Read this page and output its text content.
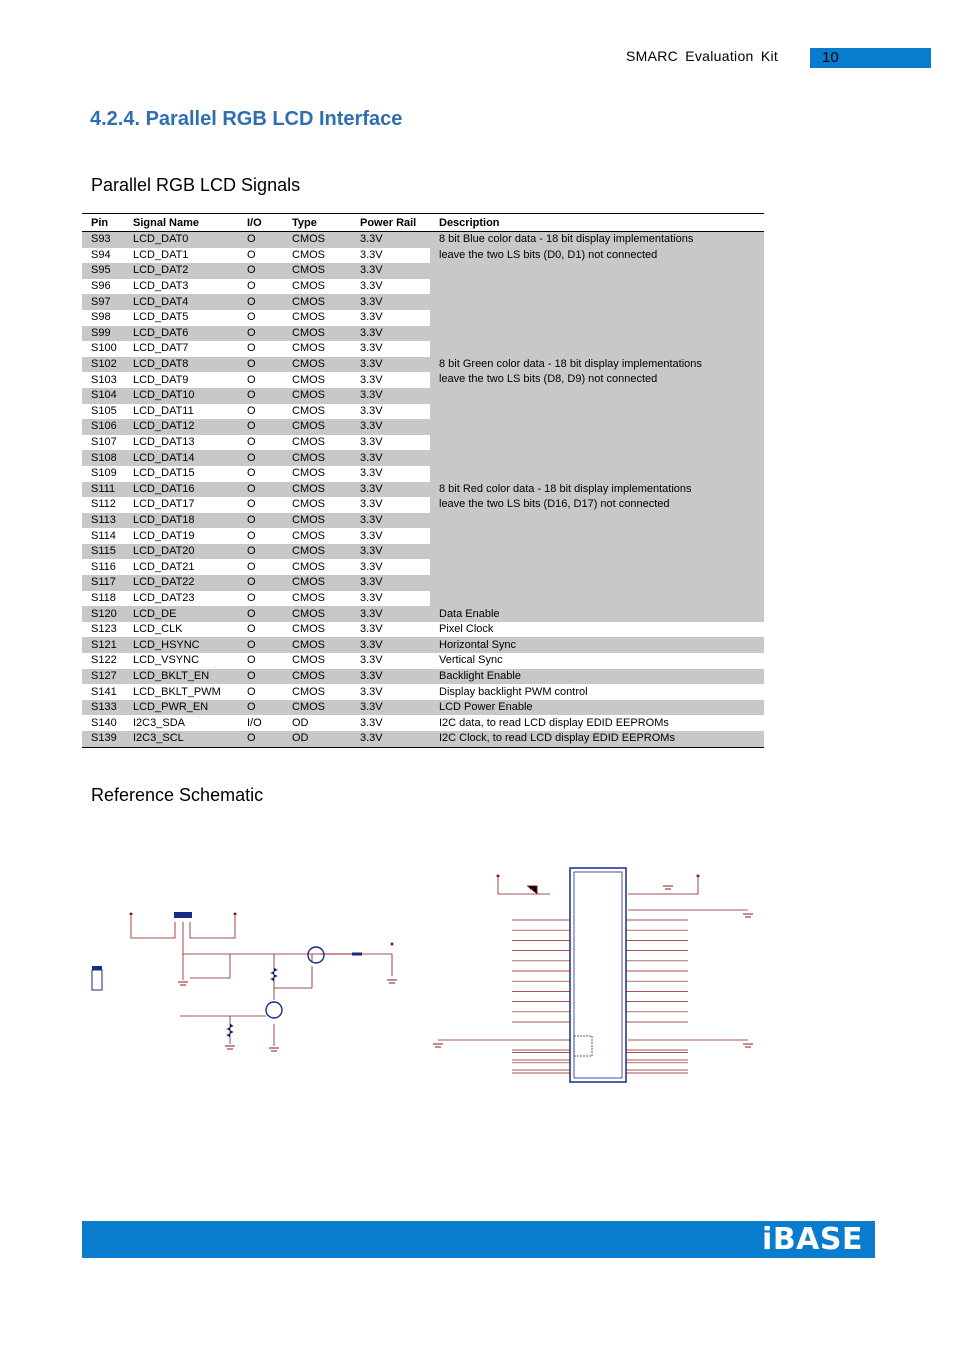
SMARC Evaluation Kit	10
4.2.4. Parallel RGB LCD Interface
Parallel RGB LCD Signals
Pin	Signal Name	I/O	Type	Power Rail	Description
S93	LCD_DAT0	O	CMOS	3.3V	8 bit Blue color data - 18 bit display implementations
leave the two LS bits (D0, D1) not connected

S94	LCD_DAT1	O	CMOS	3.3V	
S95	LCD_DAT2	O	CMOS	3.3V	
S96	LCD_DAT3	O	CMOS	3.3V	
S97	LCD_DAT4	O	CMOS	3.3V	
S98	LCD_DAT5	O	CMOS	3.3V	
S99	LCD_DAT6	O	CMOS	3.3V	
S100	LCD_DAT7	O	CMOS	3.3V	
S102	LCD_DAT8	O	CMOS	3.3V	8 bit Green color data - 18 bit display implementations
leave the two LS bits (D8, D9) not connected

S103	LCD_DAT9	O	CMOS	3.3V	
S104	LCD_DAT10	O	CMOS	3.3V	
S105	LCD_DAT11	O	CMOS	3.3V	
S106	LCD_DAT12	O	CMOS	3.3V	
S107	LCD_DAT13	O	CMOS	3.3V	
S108	LCD_DAT14	O	CMOS	3.3V	
S109	LCD_DAT15	O	CMOS	3.3V	
S111	LCD_DAT16	O	CMOS	3.3V	8 bit Red color data - 18 bit display implementations
leave the two LS bits (D16, D17) not connected

S112	LCD_DAT17	O	CMOS	3.3V	
S113	LCD_DAT18	O	CMOS	3.3V	
S114	LCD_DAT19	O	CMOS	3.3V	
S115	LCD_DAT20	O	CMOS	3.3V	
S116	LCD_DAT21	O	CMOS	3.3V	
S117	LCD_DAT22	O	CMOS	3.3V	
S118	LCD_DAT23	O	CMOS	3.3V	
S120	LCD_DE	O	CMOS	3.3V	Data Enable
S123	LCD_CLK	O	CMOS	3.3V	Pixel Clock
S121	LCD_HSYNC	O	CMOS	3.3V	Horizontal Sync
S122	LCD_VSYNC	O	CMOS	3.3V	Vertical Sync
S127	LCD_BKLT_EN	O	CMOS	3.3V	Backlight Enable
S141	LCD_BKLT_PWM	O	CMOS	3.3V	Display backlight PWM control
S133	LCD_PWR_EN	O	CMOS	3.3V	LCD Power Enable
S140	I2C3_SDA	I/O	OD	3.3V	I2C data, to read LCD display EDID EEPROMs
S139	I2C3_SCL	O	OD	3.3V	I2C Clock, to read LCD display EDID EEPROMs
Reference Schematic
iBASE
